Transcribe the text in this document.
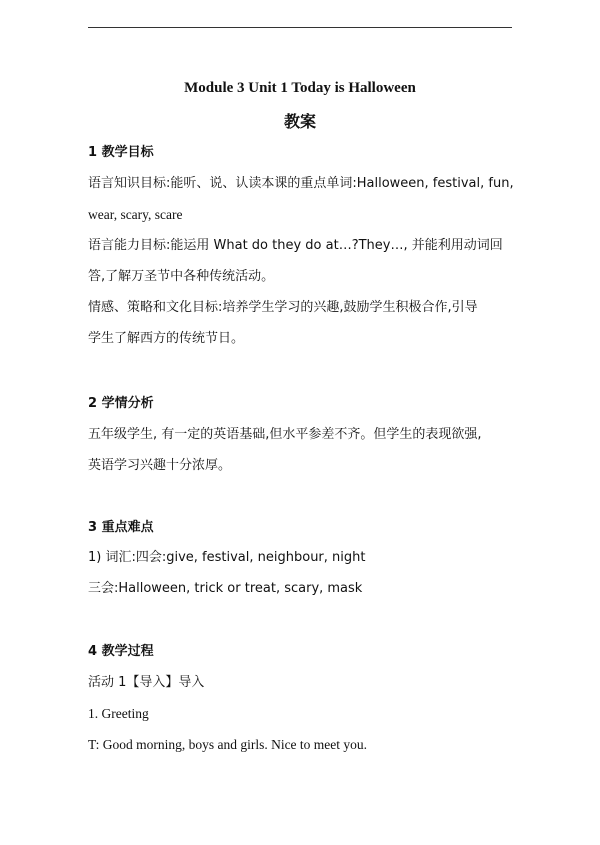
Module 3 Unit 1 Today is Halloween
教案
1 教学目标
语言知识目标:能听、说、认读本课的重点单词:Halloween, festival, fun,
wear, scary, scare
语言能力目标:能运用 What do they do at…?They…, 并能利用动词回
答,了解万圣节中各种传统活动。
情感、策略和文化目标:培养学生学习的兴趣,鼓励学生积极合作,引导
学生了解西方的传统节日。
2 学情分析
五年级学生, 有一定的英语基础,但水平参差不齐。但学生的表现欲强,
英语学习兴趣十分浓厚。
3 重点难点
1) 词汇:四会:give, festival, neighbour, night
三会:Halloween, trick or treat, scary, mask
4 教学过程
活动 1【导入】导入
1. Greeting
T: Good morning, boys and girls. Nice to meet you.
